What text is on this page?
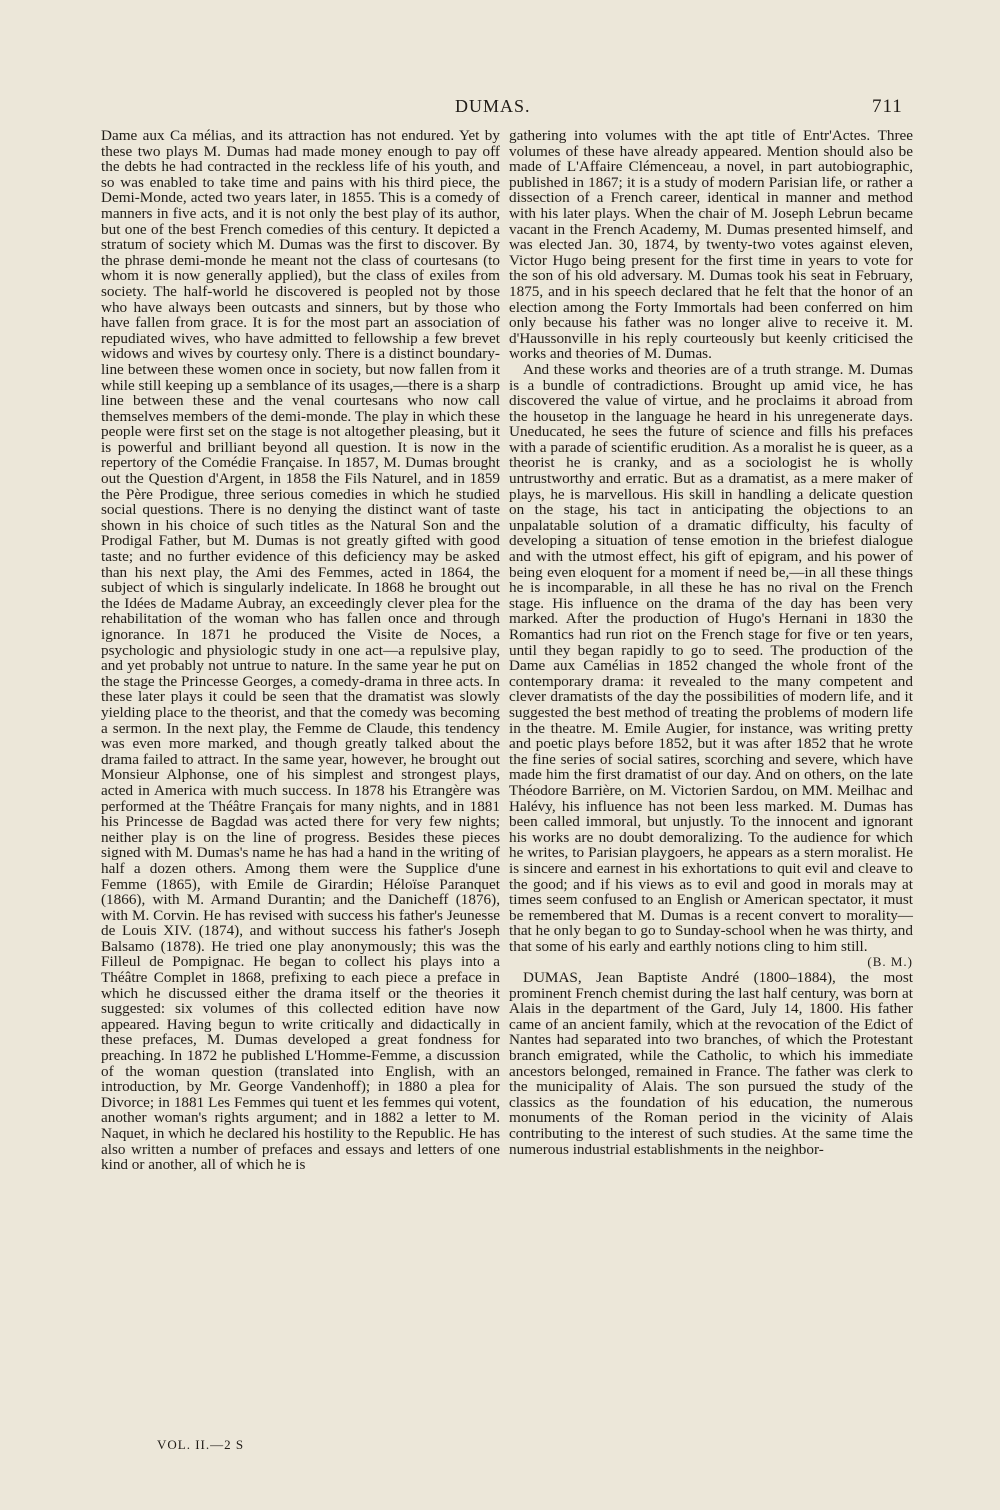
DUMAS.	711

Dame aux Ca mélias, and its attraction has not endured. Yet by these two plays M. Dumas had made money enough to pay off the debts he had contracted in the reckless life of his youth, and so was enabled to take time and pains with his third piece, the Demi-Monde, acted two years later, in 1855. This is a comedy of manners in five acts, and it is not only the best play of its author, but one of the best French comedies of this century. It depicted a stratum of society which M. Dumas was the first to discover. By the phrase demi-monde he meant not the class of courtesans (to whom it is now generally applied), but the class of exiles from society. The half-world he discovered is peopled not by those who have always been outcasts and sinners, but by those who have fallen from grace. It is for the most part an association of repudiated wives, who have admitted to fellowship a few brevet widows and wives by courtesy only. There is a distinct boundary-line between these women once in society, but now fallen from it while still keeping up a semblance of its usages,—there is a sharp line between these and the venal courtesans who now call themselves members of the demi-monde. The play in which these people were first set on the stage is not altogether pleasing, but it is powerful and brilliant beyond all question. It is now in the repertory of the Comédie Française. In 1857, M. Dumas brought out the Question d'Argent, in 1858 the Fils Naturel, and in 1859 the Père Prodigue, three serious comedies in which he studied social questions. There is no denying the distinct want of taste shown in his choice of such titles as the Natural Son and the Prodigal Father, but M. Dumas is not greatly gifted with good taste; and no further evidence of this deficiency may be asked than his next play, the Ami des Femmes, acted in 1864, the subject of which is singularly indelicate. In 1868 he brought out the Idées de Madame Aubray, an exceedingly clever plea for the rehabilitation of the woman who has fallen once and through ignorance. In 1871 he produced the Visite de Noces, a psychologic and physiologic study in one act—a repulsive play, and yet probably not untrue to nature. In the same year he put on the stage the Princesse Georges, a comedy-drama in three acts. In these later plays it could be seen that the dramatist was slowly yielding place to the theorist, and that the comedy was becoming a sermon. In the next play, the Femme de Claude, this tendency was even more marked, and though greatly talked about the drama failed to attract. In the same year, however, he brought out Monsieur Alphonse, one of his simplest and strongest plays, acted in America with much success. In 1878 his Etrangère was performed at the Théâtre Français for many nights, and in 1881 his Princesse de Bagdad was acted there for very few nights; neither play is on the line of progress. Besides these pieces signed with M. Dumas's name he has had a hand in the writing of half a dozen others. Among them were the Supplice d'une Femme (1865), with Emile de Girardin; Héloïse Paranquet (1866), with M. Armand Durantin; and the Danicheff (1876), with M. Corvin. He has revised with success his father's Jeunesse de Louis XIV. (1874), and without success his father's Joseph Balsamo (1878). He tried one play anonymously; this was the Filleul de Pompignac. He began to collect his plays into a Théâtre Complet in 1868, prefixing to each piece a preface in which he discussed either the drama itself or the theories it suggested: six volumes of this collected edition have now appeared. Having begun to write critically and didactically in these prefaces, M. Dumas developed a great fondness for preaching. In 1872 he published L'Homme-Femme, a discussion of the woman question (translated into English, with an introduction, by Mr. George Vandenhoff); in 1880 a plea for Divorce; in 1881 Les Femmes qui tuent et les femmes qui votent, another woman's rights argument; and in 1882 a letter to M. Naquet, in which he declared his hostility to the Republic. He has also written a number of prefaces and essays and letters of one kind or another, all of which he is

gathering into volumes with the apt title of Entr'Actes. Three volumes of these have already appeared. Mention should also be made of L'Affaire Clémenceau, a novel, in part autobiographic, published in 1867; it is a study of modern Parisian life, or rather a dissection of a French career, identical in manner and method with his later plays. When the chair of M. Joseph Lebrun became vacant in the French Academy, M. Dumas presented himself, and was elected Jan. 30, 1874, by twenty-two votes against eleven, Victor Hugo being present for the first time in years to vote for the son of his old adversary. M. Dumas took his seat in February, 1875, and in his speech declared that he felt that the honor of an election among the Forty Immortals had been conferred on him only because his father was no longer alive to receive it. M. d'Haussonville in his reply courteously but keenly criticised the works and theories of M. Dumas.

And these works and theories are of a truth strange. M. Dumas is a bundle of contradictions. Brought up amid vice, he has discovered the value of virtue, and he proclaims it abroad from the housetop in the language he heard in his unregenerate days. Uneducated, he sees the future of science and fills his prefaces with a parade of scientific erudition. As a moralist he is queer, as a theorist he is cranky, and as a sociologist he is wholly untrustworthy and erratic. But as a dramatist, as a mere maker of plays, he is marvellous. His skill in handling a delicate question on the stage, his tact in anticipating the objections to an unpalatable solution of a dramatic difficulty, his faculty of developing a situation of tense emotion in the briefest dialogue and with the utmost effect, his gift of epigram, and his power of being even eloquent for a moment if need be,—in all these things he is incomparable, in all these he has no rival on the French stage. His influence on the drama of the day has been very marked. After the production of Hugo's Hernani in 1830 the Romantics had run riot on the French stage for five or ten years, until they began rapidly to go to seed. The production of the Dame aux Camélias in 1852 changed the whole front of the contemporary drama: it revealed to the many competent and clever dramatists of the day the possibilities of modern life, and it suggested the best method of treating the problems of modern life in the theatre. M. Emile Augier, for instance, was writing pretty and poetic plays before 1852, but it was after 1852 that he wrote the fine series of social satires, scorching and severe, which have made him the first dramatist of our day. And on others, on the late Théodore Barrière, on M. Victorien Sardou, on MM. Meilhac and Halévy, his influence has not been less marked. M. Dumas has been called immoral, but unjustly. To the innocent and ignorant his works are no doubt demoralizing. To the audience for which he writes, to Parisian playgoers, he appears as a stern moralist. He is sincere and earnest in his exhortations to quit evil and cleave to the good; and if his views as to evil and good in morals may at times seem confused to an English or American spectator, it must be remembered that M. Dumas is a recent convert to morality—that he only began to go to Sunday-school when he was thirty, and that some of his early and earthly notions cling to him still.

(B. M.)

DUMAS, Jean Baptiste André (1800–1884), the most prominent French chemist during the last half century, was born at Alais in the department of the Gard, July 14, 1800. His father came of an ancient family, which at the revocation of the Edict of Nantes had separated into two branches, of which the Protestant branch emigrated, while the Catholic, to which his immediate ancestors belonged, remained in France. The father was clerk to the municipality of Alais. The son pursued the study of the classics as the foundation of his education, the numerous monuments of the Roman period in the vicinity of Alais contributing to the interest of such studies. At the same time the numerous industrial establishments in the neighbor-

VOL. II.—2 S
